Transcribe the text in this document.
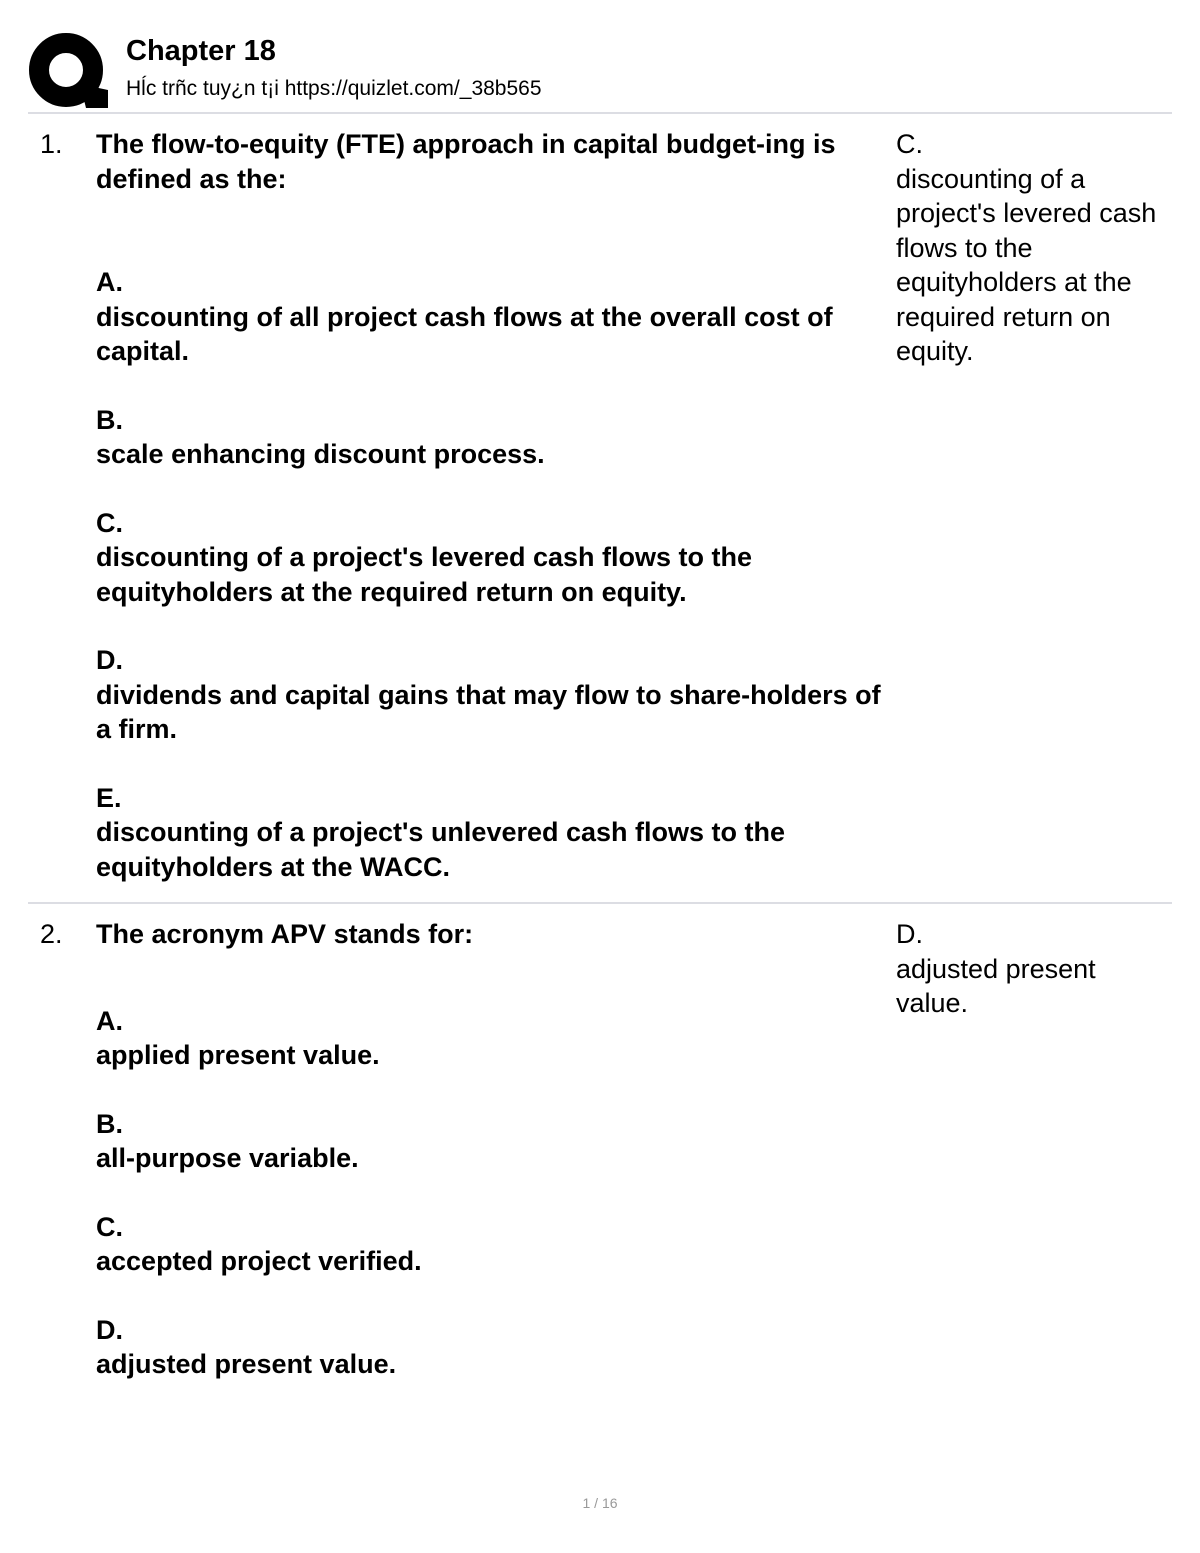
Chapter 18
Hĺc trñc tuy¿n t¡i https://quizlet.com/_38b565
1. The flow-to-equity (FTE) approach in capital budget-ing is defined as the:
A.
discounting of all project cash flows at the overall cost of capital.
B.
scale enhancing discount process.
C.
discounting of a project's levered cash flows to the equityholders at the required return on equity.
D.
dividends and capital gains that may flow to share-holders of a firm.
E.
discounting of a project's unlevered cash flows to the equityholders at the WACC.
C.
discounting of a project's levered cash flows to the equityholders at the required return on equity.
2. The acronym APV stands for:
A.
applied present value.
B.
all-purpose variable.
C.
accepted project verified.
D.
adjusted present value.
D.
adjusted present value.
1 / 16
